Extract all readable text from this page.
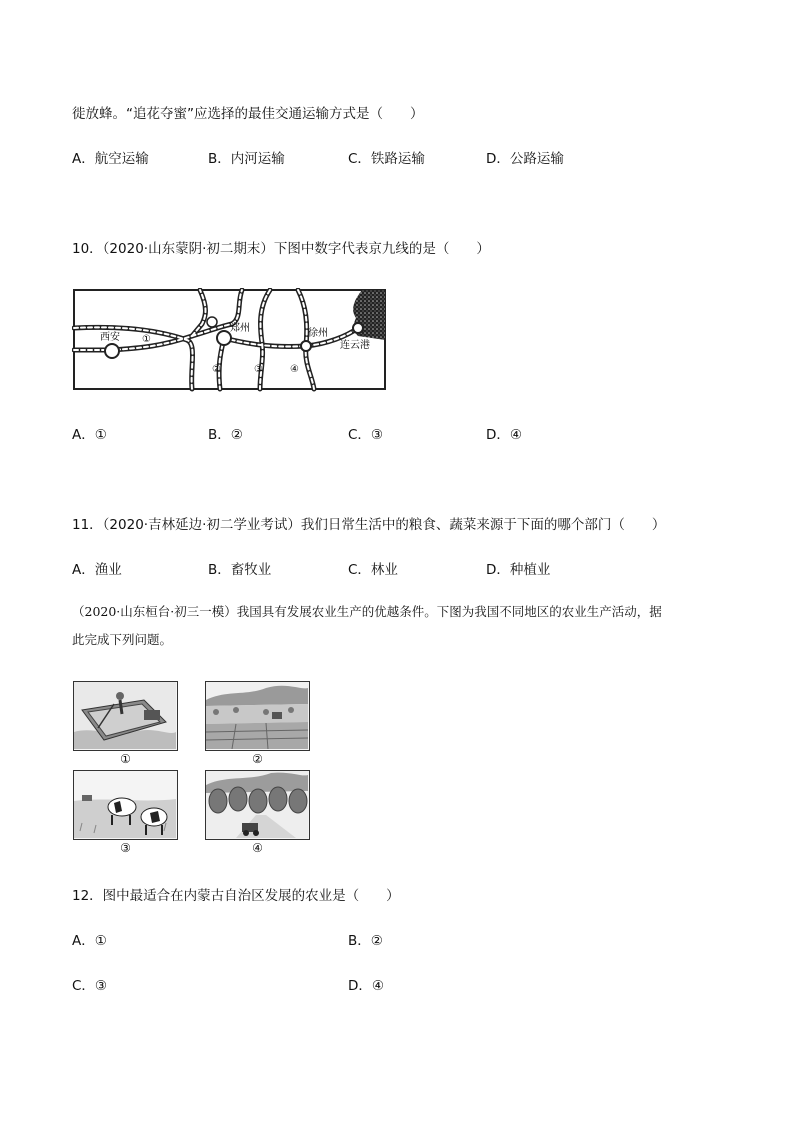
徙放蜂。“追花夺蜜”应选择的最佳交通运输方式是（　　）
A．航空运输	B．内河运输	C．铁路运输	D．公路运输
10．（2020·山东蒙阴·初二期末）下图中数字代表京九线的是（　　）
西安
郑州	徐州
连云港
①
②	③	④
A．①	B．②	C．③	D．④
11．（2020·吉林延边·初二学业考试）我们日常生活中的粮食、蔬菜来源于下面的哪个部门（　　）
A．渔业	B．畜牧业	C．林业	D．种植业
（2020·山东桓台·初三一模）我国具有发展农业生产的优越条件。下图为我国不同地区的农业生产活动，据
此完成下列问题。
①	②
③	④
12．图中最适合在内蒙古自治区发展的农业是（　　）
A．①	B．②
C．③	D．④
